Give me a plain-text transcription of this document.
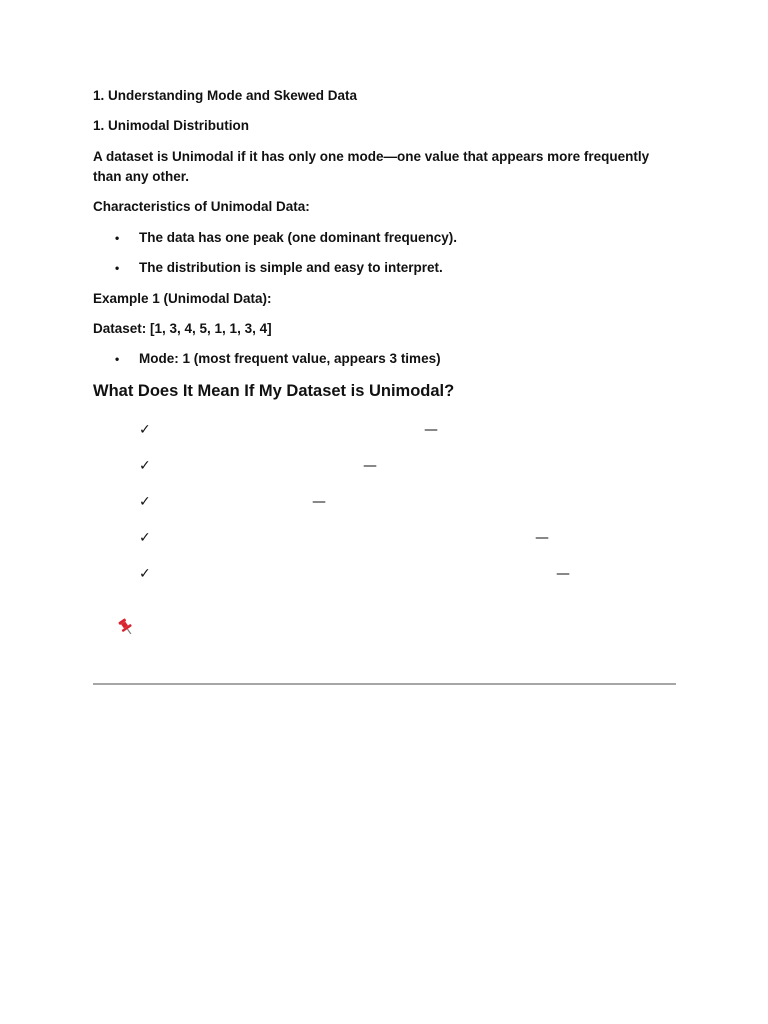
1. Understanding Mode and Skewed Data
1. Unimodal Distribution
A dataset is Unimodal if it has only one mode—one value that appears more frequently than any other.
Characteristics of Unimodal Data:
• The data has one peak (one dominant frequency).
• The distribution is simple and easy to interpret.
Example 1 (Unimodal Data):
Dataset: [1, 3, 4, 5, 1, 1, 3, 4]
• Mode: 1 (most frequent value, appears 3 times)
What Does It Mean If My Dataset is Unimodal?
✓	—
✓	—
✓	—
✓	—
✓	—
